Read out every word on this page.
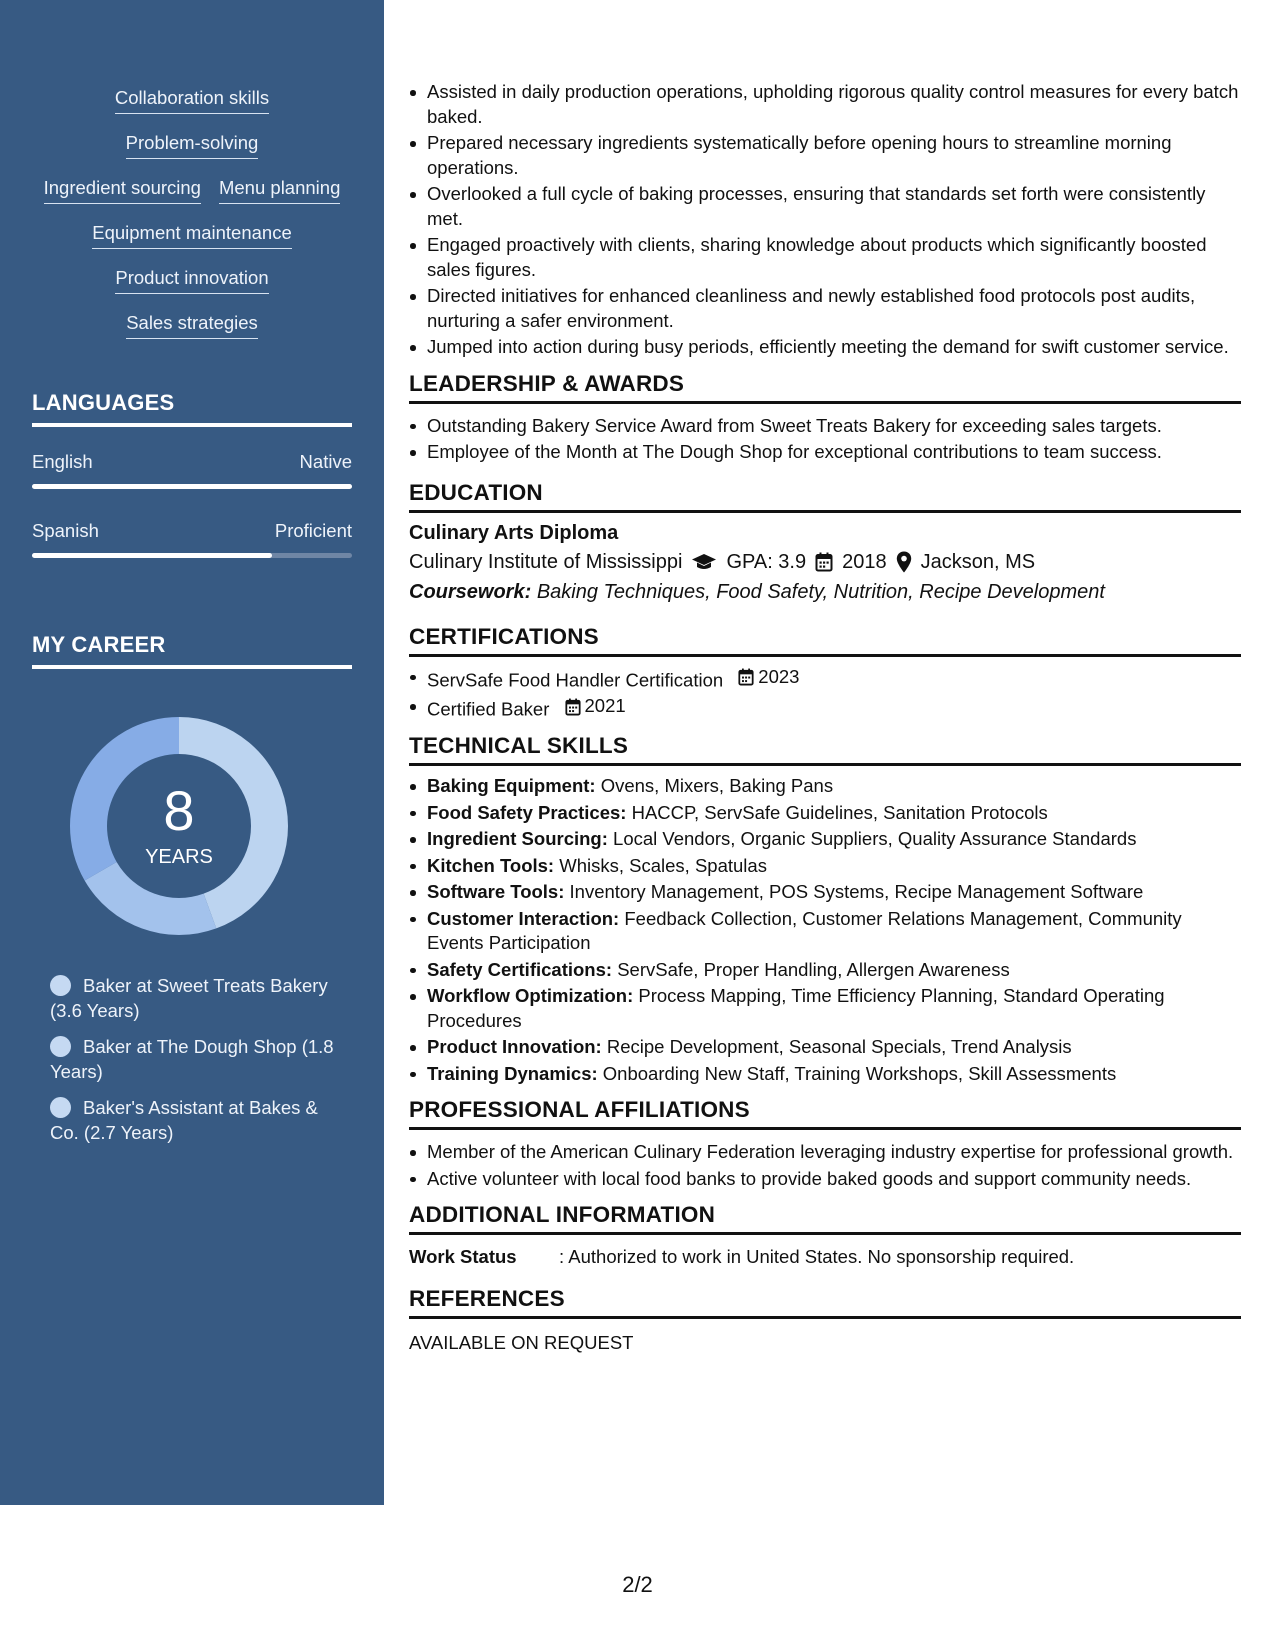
Collaboration skills
Problem-solving
Ingredient sourcing Menu planning
Equipment maintenance
Product innovation
Sales strategies
LANGUAGES
English	Native
Spanish	Proficient
MY CAREER
8
YEARS
Baker at Sweet Treats Bakery (3.6 Years)
Baker at The Dough Shop (1.8 Years)
Baker's Assistant at Bakes & Co. (2.7 Years)
Assisted in daily production operations, upholding rigorous quality control measures for every batch baked.
Prepared necessary ingredients systematically before opening hours to streamline morning operations.
Overlooked a full cycle of baking processes, ensuring that standards set forth were consistently met.
Engaged proactively with clients, sharing knowledge about products which significantly boosted sales figures.
Directed initiatives for enhanced cleanliness and newly established food protocols post audits, nurturing a safer environment.
Jumped into action during busy periods, efficiently meeting the demand for swift customer service.
LEADERSHIP & AWARDS
Outstanding Bakery Service Award from Sweet Treats Bakery for exceeding sales targets.
Employee of the Month at The Dough Shop for exceptional contributions to team success.
EDUCATION
Culinary Arts Diploma
Culinary Institute of Mississippi GPA: 3.9 2018 Jackson, MS
Coursework: Baking Techniques, Food Safety, Nutrition, Recipe Development
CERTIFICATIONS
ServSafe Food Handler Certification 2023
Certified Baker 2021
TECHNICAL SKILLS
Baking Equipment: Ovens, Mixers, Baking Pans
Food Safety Practices: HACCP, ServSafe Guidelines, Sanitation Protocols
Ingredient Sourcing: Local Vendors, Organic Suppliers, Quality Assurance Standards
Kitchen Tools: Whisks, Scales, Spatulas
Software Tools: Inventory Management, POS Systems, Recipe Management Software
Customer Interaction: Feedback Collection, Customer Relations Management, Community Events Participation
Safety Certifications: ServSafe, Proper Handling, Allergen Awareness
Workflow Optimization: Process Mapping, Time Efficiency Planning, Standard Operating Procedures
Product Innovation: Recipe Development, Seasonal Specials, Trend Analysis
Training Dynamics: Onboarding New Staff, Training Workshops, Skill Assessments
PROFESSIONAL AFFILIATIONS
Member of the American Culinary Federation leveraging industry expertise for professional growth.
Active volunteer with local food banks to provide baked goods and support community needs.
ADDITIONAL INFORMATION
Work Status	: Authorized to work in United States. No sponsorship required.
REFERENCES
AVAILABLE ON REQUEST
2/2
